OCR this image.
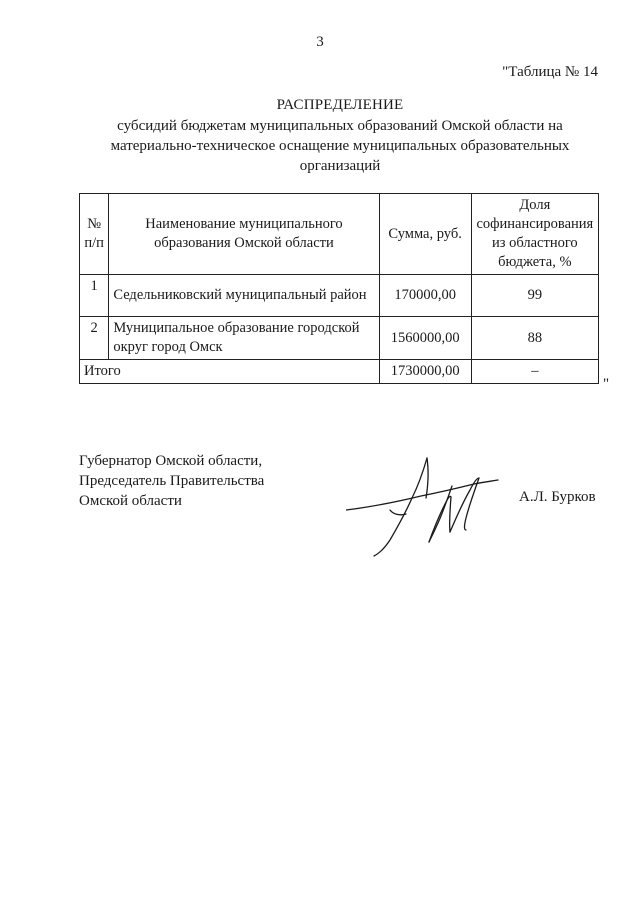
3
"Таблица № 14
РАСПРЕДЕЛЕНИЕ
субсидий бюджетам муниципальных образований Омской области на материально-техническое оснащение муниципальных образовательных организаций
№ п/п	Наименование муниципального образования Омской области	Сумма, руб.	Доля софинансирования из областного бюджета, %
1	Седельниковский муниципальный район	170000,00	99
2	Муниципальное образование городской округ город Омск	1560000,00	88
Итого		1730000,00	–
"
Губернатор Омской области,
Председатель Правительства
Омской области	А.Л. Бурков
